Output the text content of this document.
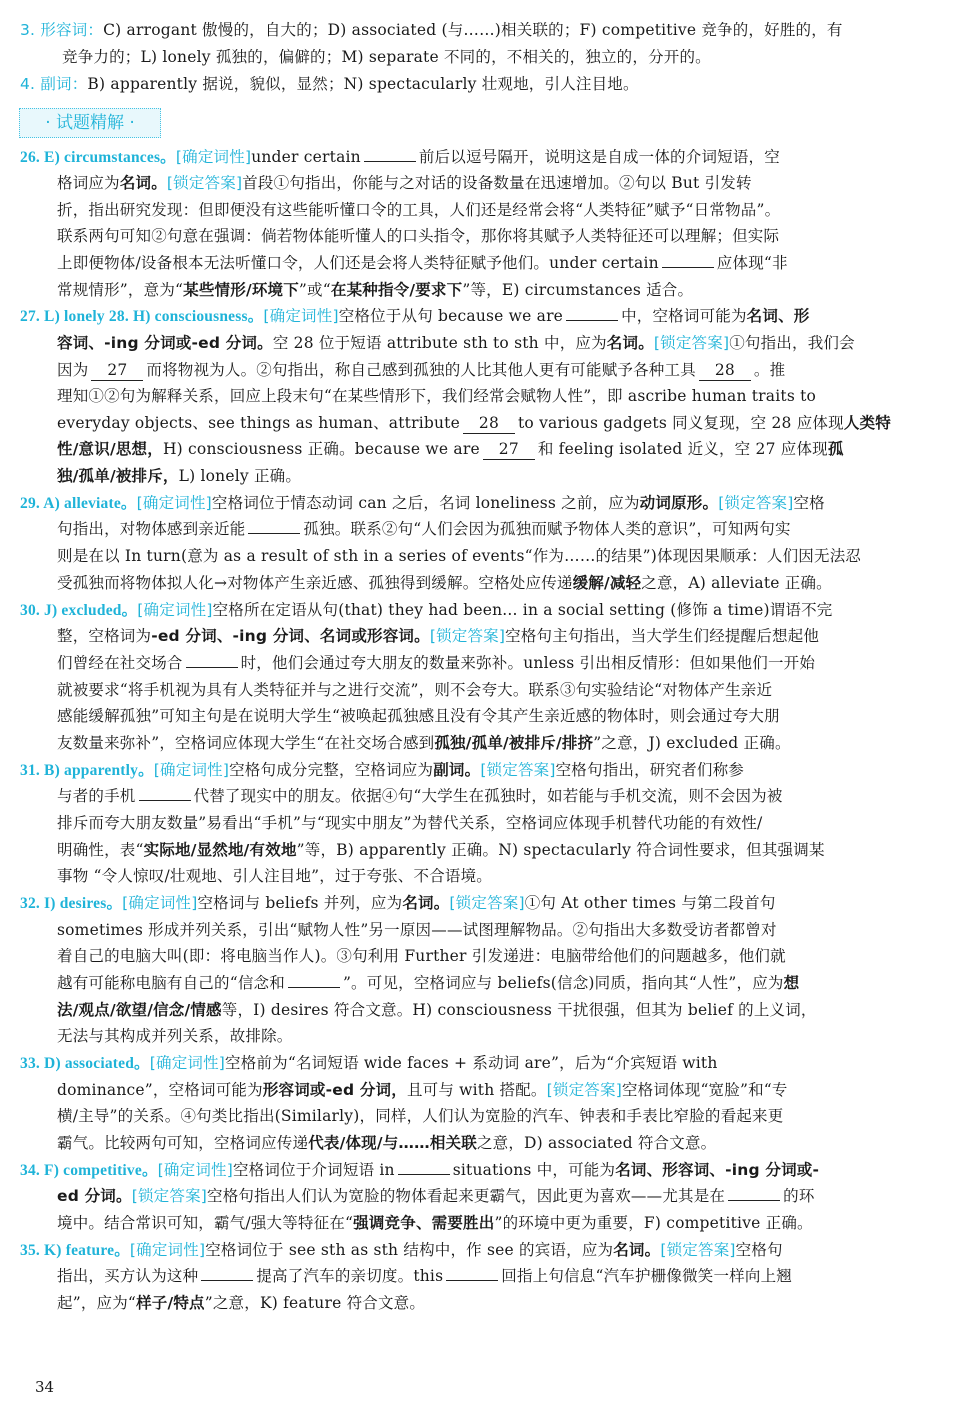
3. 形容词：C) arrogant 傲慢的，自大的；D) associated (与……)相关联的；F) competitive 竞争的，好胜的，有
竞争力的；L) lonely 孤独的，偏僻的；M) separate 不同的，不相关的，独立的，分开的。
4. 副词：B) apparently 据说，貌似，显然；N) spectacularly 壮观地，引人注目地。
· 试题精解 ·
26. E) circumstances。[确定词性]under certain	前后以逗号隔开，说明这是自成一体的介词短语，空
格词应为名词。[锁定答案]首段①句指出，你能与之对话的设备数量在迅速增加。②句以 But 引发转
折，指出研究发现：但即便没有这些能听懂口令的工具，人们还是经常会将“人类特征”赋予“日常物品”。
联系两句可知②句意在强调：倘若物体能听懂人的口头指令，那你将其赋予人类特征还可以理解；但实际
上即便物体/设备根本无法听懂口令，人们还是会将人类特征赋予他们。under certain	应体现“非
常规情形”，意为“某些情形/环境下”或“在某种指令/要求下”等，E) circumstances 适合。
27. L) lonely 28. H) consciousness。[确定词性]空格位于从句 because we are	中，空格词可能为名词、形
容词、-ing 分词或-ed 分词。空 28 位于短语 attribute sth to sth 中，应为名词。[锁定答案]①句指出，我们会
因为 27 而将物视为人。②句指出，称自己感到孤独的人比其他人更有可能赋予各种工具 28 。推
理知①②句为解释关系，回应上段末句“在某些情形下，我们经常会赋物人性”，即 ascribe human traits to
everyday objects、see things as human、attribute 28 to various gadgets 同义复现，空 28 应体现人类特
性/意识/思想，H) consciousness 正确。because we are 27 和 feeling isolated 近义，空 27 应体现孤
独/孤单/被排斥，L) lonely 正确。
29. A) alleviate。[确定词性]空格词位于情态动词 can 之后，名词 loneliness 之前，应为动词原形。[锁定答案]空格
句指出，对物体感到亲近能	孤独。联系②句“人们会因为孤独而赋予物体人类的意识”，可知两句实
则是在以 In turn(意为 as a result of sth in a series of events“作为……的结果”)体现因果顺承：人们因无法忍
受孤独而将物体拟人化→对物体产生亲近感、孤独得到缓解。空格处应传递缓解/减轻之意，A) alleviate 正确。
30. J) excluded。[确定词性]空格所在定语从句(that) they had been... in a social setting (修饰 a time)谓语不完
整，空格词为-ed 分词、-ing 分词、名词或形容词。[锁定答案]空格句主句指出，当大学生们经提醒后想起他
们曾经在社交场合	时，他们会通过夸大朋友的数量来弥补。unless 引出相反情形：但如果他们一开始
就被要求“将手机视为具有人类特征并与之进行交流”，则不会夸大。联系③句实验结论“对物体产生亲近
感能缓解孤独”可知主句是在说明大学生“被唤起孤独感且没有令其产生亲近感的物体时，则会通过夸大朋
友数量来弥补”，空格词应体现大学生“在社交场合感到孤独/孤单/被排斥/排挤”之意，J) excluded 正确。
31. B) apparently。[确定词性]空格句成分完整，空格词应为副词。[锁定答案]空格句指出，研究者们称参
与者的手机	代替了现实中的朋友。依据④句“大学生在孤独时，如若能与手机交流，则不会因为被
排斥而夸大朋友数量”易看出“手机”与“现实中朋友”为替代关系，空格词应体现手机替代功能的有效性/
明确性，表“实际地/显然地/有效地”等，B) apparently 正确。N) spectacularly 符合词性要求，但其强调某
事物 “令人惊叹/壮观地、引人注目地”，过于夸张、不合语境。
32. I) desires。[确定词性]空格词与 beliefs 并列，应为名词。[锁定答案]①句 At other times 与第二段首句
sometimes 形成并列关系，引出“赋物人性”另一原因——试图理解物品。②句指出大多数受访者都曾对
着自己的电脑大叫(即：将电脑当作人)。③句利用 Further 引发递进：电脑带给他们的问题越多，他们就
越有可能称电脑有自己的“信念和	”。可见，空格词应与 beliefs(信念)同质，指向其“人性”，应为想
法/观点/欲望/信念/情感等，I) desires 符合文意。H) consciousness 干扰很强，但其为 belief 的上义词，
无法与其构成并列关系，故排除。
33. D) associated。[确定词性]空格前为“名词短语 wide faces + 系动词 are”，后为“介宾短语 with
dominance”，空格词可能为形容词或-ed 分词，且可与 with 搭配。[锁定答案]空格词体现“宽脸”和“专
横/主导”的关系。④句类比指出(Similarly)，同样，人们认为宽脸的汽车、钟表和手表比窄脸的看起来更
霸气。比较两句可知，空格词应传递代表/体现/与……相关联之意，D) associated 符合文意。
34. F) competitive。[确定词性]空格词位于介词短语 in	situations 中，可能为名词、形容词、-ing 分词或-
ed 分词。[锁定答案]空格句指出人们认为宽脸的物体看起来更霸气，因此更为喜欢——尤其是在	的环
境中。结合常识可知，霸气/强大等特征在“强调竞争、需要胜出”的环境中更为重要，F) competitive 正确。
35. K) feature。[确定词性]空格词位于 see sth as sth 结构中，作 see 的宾语，应为名词。[锁定答案]空格句
指出，买方认为这种	提高了汽车的亲切度。this	回指上句信息“汽车护栅像微笑一样向上翘
起”，应为“样子/特点”之意，K) feature 符合文意。
34
